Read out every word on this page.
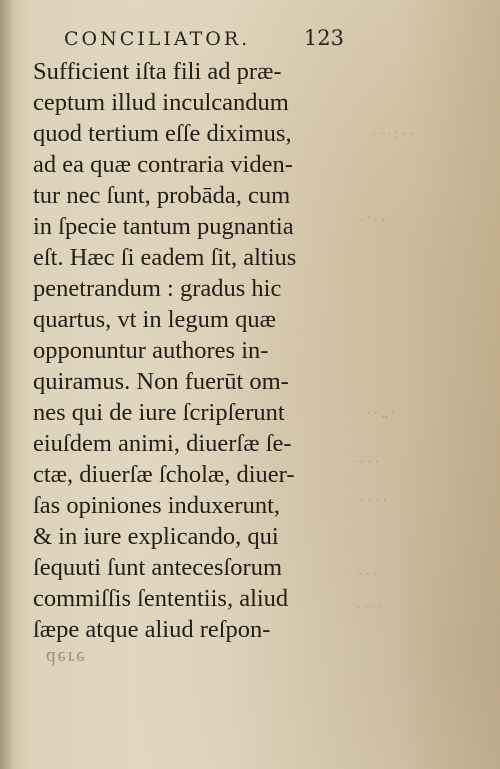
CONCILIATOR.	123
Sufficient iſta fili ad præ-
ceptum illud inculcandum
quod tertium eſſe diximus,
ad ea quæ contraria viden-
tur nec ſunt, probāda, cum
in ſpecie tantum pugnantia
eſt. Hæc ſi eadem ſit, altius
penetrandum : gradus hic
quartus, vt in legum quæ
opponuntur authores in-
quiramus. Non fuerūt om-
nes qui de iure ſcripſerunt
eiuſdem animi, diuerſæ ſe-
ctæ, diuerſæ ſcholæ, diuer-
ſas opiniones induxerunt,
& in iure explicando, qui
ſequuti ſunt antecesſorum
commiſſis ſententiis, aliud
ſæpe atque aliud reſpon-
dere
· · · : · ·
· ' · ·
· · ,, ·
· · · ·
· · · ·
· · ·
· · · ·
